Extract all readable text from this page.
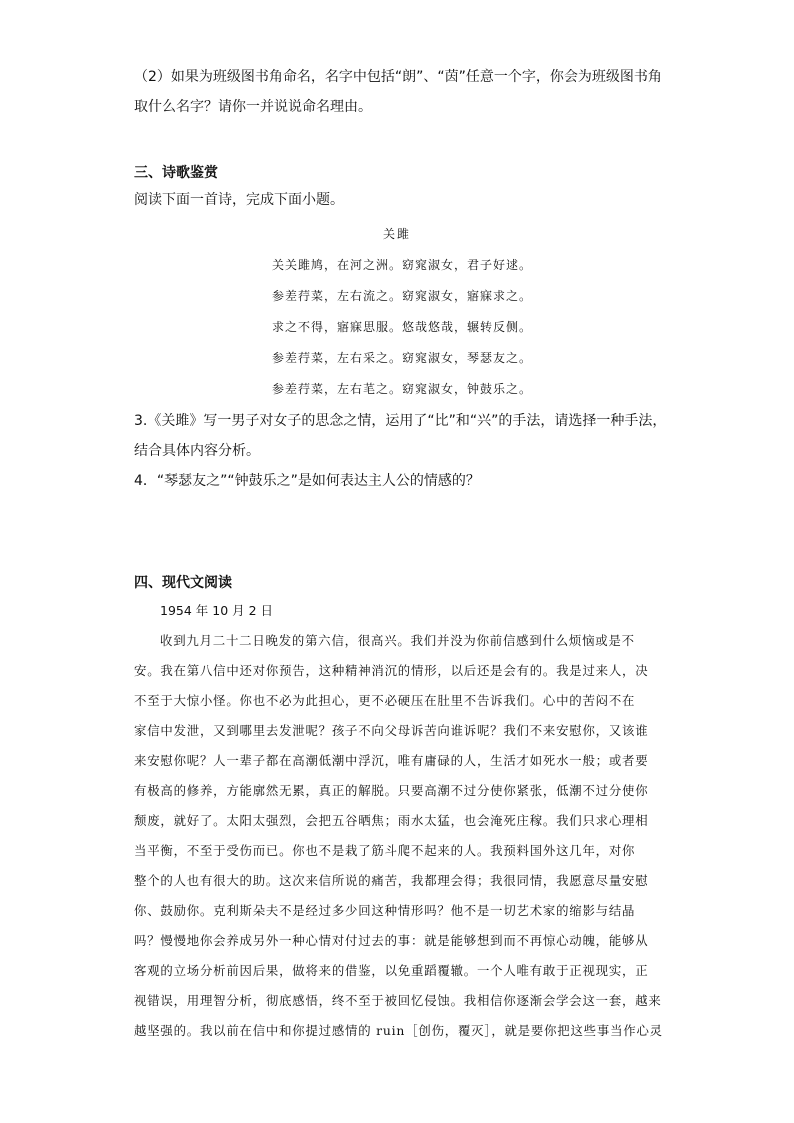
（2）如果为班级图书角命名，名字中包括“朗”、“茵”任意一个字，你会为班级图书角
取什么名字？请你一并说说命名理由。
三、诗歌鉴赏
阅读下面一首诗，完成下面小题。
关雎
关关雎鸠，在河之洲。窈窕淑女，君子好逑。
参差荇菜，左右流之。窈窕淑女，寤寐求之。
求之不得，寤寐思服。悠哉悠哉，辗转反侧。
参差荇菜，左右采之。窈窕淑女，琴瑟友之。
参差荇菜，左右芼之。窈窕淑女，钟鼓乐之。
3.《关雎》写一男子对女子的思念之情，运用了“比”和“兴”的手法，请选择一种手法，
结合具体内容分析。
4．“琴瑟友之”“钟鼓乐之”是如何表达主人公的情感的？
四、现代文阅读
1954 年 10 月 2 日
收到九月二十二日晚发的第六信，很高兴。我们并没为你前信感到什么烦恼或是不
安。我在第八信中还对你预告，这种精神消沉的情形，以后还是会有的。我是过来人，决
不至于大惊小怪。你也不必为此担心，更不必硬压在肚里不告诉我们。心中的苦闷不在
家信中发泄，又到哪里去发泄呢？孩子不向父母诉苦向谁诉呢？我们不来安慰你，又该谁
来安慰你呢？人一辈子都在高潮低潮中浮沉，唯有庸碌的人，生活才如死水一般；或者要
有极高的修养，方能廓然无累，真正的解脱。只要高潮不过分使你紧张，低潮不过分使你
颓废，就好了。太阳太强烈，会把五谷晒焦；雨水太猛，也会淹死庄稼。我们只求心理相
当平衡，不至于受伤而已。你也不是栽了筋斗爬不起来的人。我预料国外这几年，对你
整个的人也有很大的助。这次来信所说的痛苦，我都理会得；我很同情，我愿意尽量安慰
你、鼓励你。克利斯朵夫不是经过多少回这种情形吗？他不是一切艺术家的缩影与结晶
吗？慢慢地你会养成另外一种心情对付过去的事：就是能够想到而不再惊心动魄，能够从
客观的立场分析前因后果，做将来的借鉴，以免重蹈覆辙。一个人唯有敢于正视现实，正
视错误，用理智分析，彻底感悟，终不至于被回忆侵蚀。我相信你逐渐会学会这一套，越来
越坚强的。我以前在信中和你提过感情的 ruin［创伤，覆灭］，就是要你把这些事当作心灵
